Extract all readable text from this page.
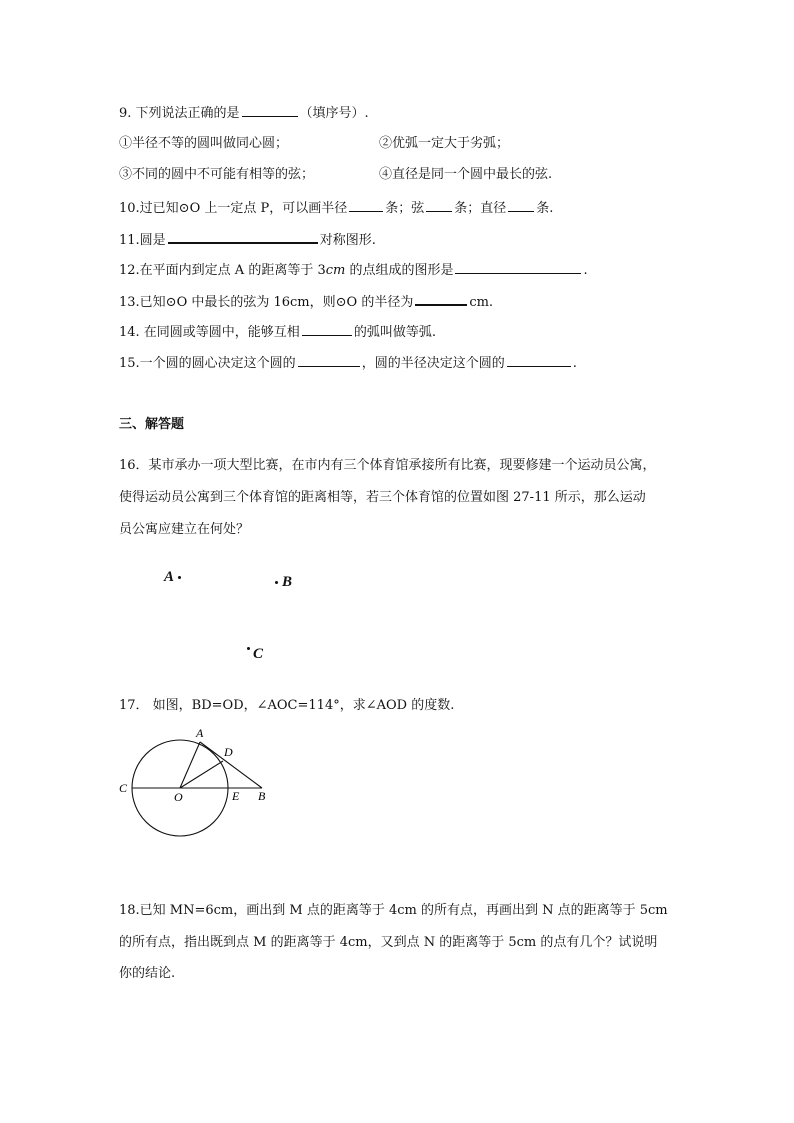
9. 下列说法正确的是	（填序号）.
①半径不等的圆叫做同心圆；	②优弧一定大于劣弧；
③不同的圆中不可能有相等的弦；	④直径是同一个圆中最长的弦.
10.过已知⊙O 上一定点 P，可以画半径	条；弦 条；直径 条.
11.圆是	对称图形.
12.在平面内到定点 A 的距离等于 3cm 的点组成的图形是	.
13.已知⊙O 中最长的弦为 16cm，则⊙O 的半径为	cm.
14. 在同圆或等圆中，能够互相	的弧叫做等弧.
15.一个圆的圆心决定这个圆的	，圆的半径决定这个圆的	.
三、解答题
16．某市承办一项大型比赛，在市内有三个体育馆承接所有比赛，现要修建一个运动员公寓，
使得运动员公寓到三个体育馆的距离相等，若三个体育馆的位置如图 27-11 所示，那么运动
员公寓应建立在何处？
A	B
C
17． 如图，BD=OD，∠AOC=114°，求∠AOD 的度数.
A
D
C
O	E B
18.已知 MN=6cm，画出到 M 点的距离等于 4cm 的所有点，再画出到 N 点的距离等于 5cm
的所有点，指出既到点 M 的距离等于 4cm，又到点 N 的距离等于 5cm 的点有几个？试说明
你的结论.
